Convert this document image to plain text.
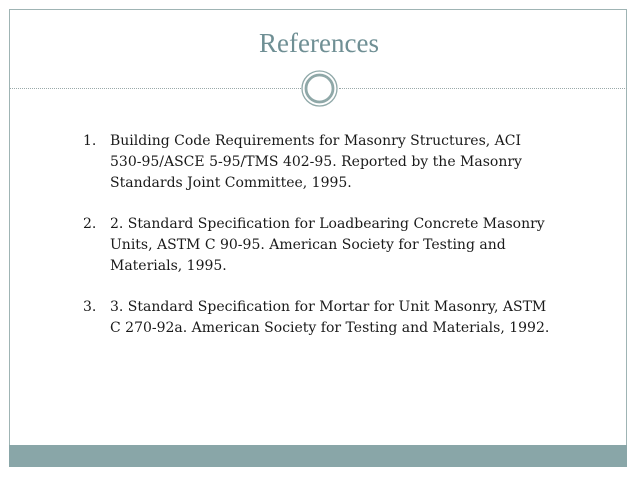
References
1. Building Code Requirements for Masonry Structures, ACI 530-95/ASCE 5-95/TMS 402-95. Reported by the Masonry Standards Joint Committee, 1995.
2. 2. Standard Specification for Loadbearing Concrete Masonry Units, ASTM C 90-95. American Society for Testing and Materials, 1995.
3. 3. Standard Specification for Mortar for Unit Masonry, ASTM C 270-92a. American Society for Testing and Materials, 1992.
